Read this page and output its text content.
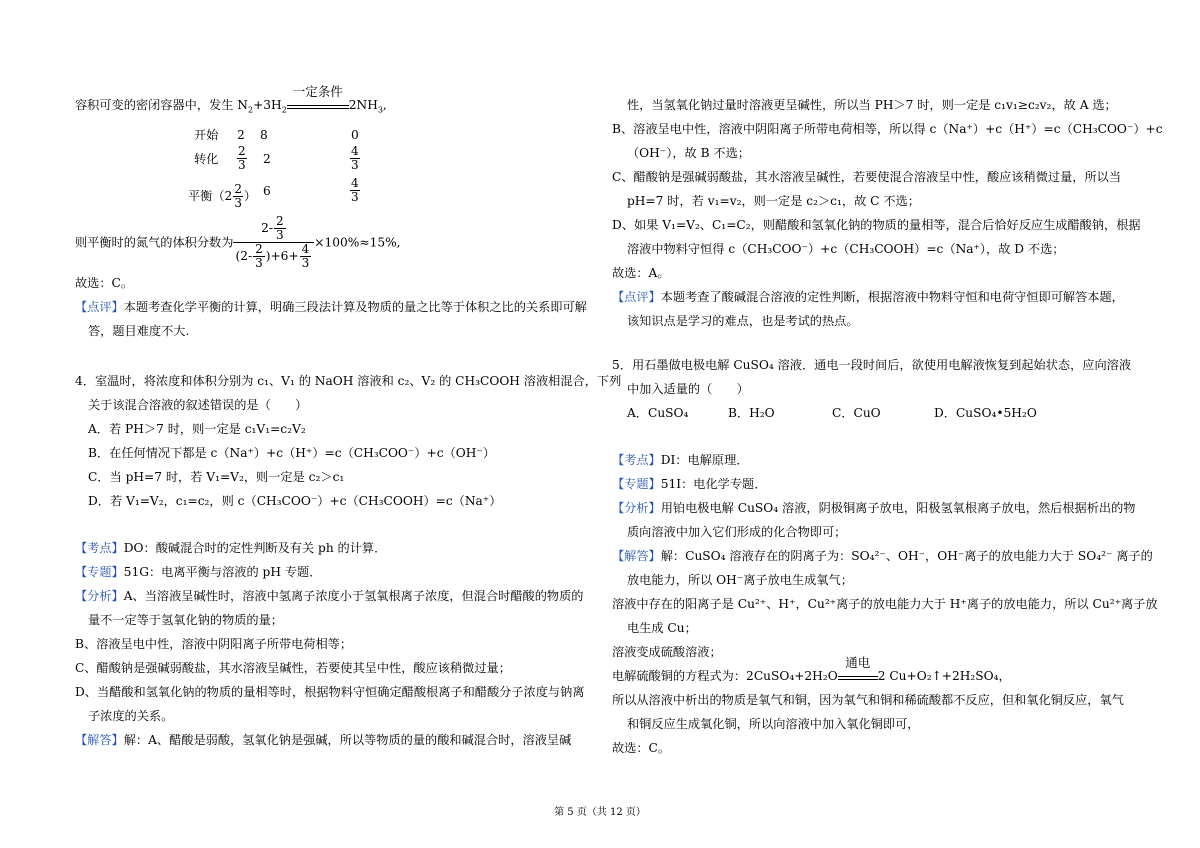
容积可变的密闭容器中，发生 $N_2+3H_2$
一定条件
$2NH_3$,
开始 2 8	0
转化 $\frac{2}{3} 2$	$\frac{4}{3}$
平衡（$2 \frac{2}{3}$ ） 6	$\frac{4}{3}$
则平衡时的氮气的体积分数为 $\frac{2- \frac{2}{3}}{(2- \frac{2}{3} )+6+ \frac{4}{3}} \times 100\%\approx 15\%$,
故选：C。
【点评】本题考查化学平衡的计算，明确三段法计算及物质的量之比等于体积之比的关系即可解
答，题目难度不大.
4．室温时，将浓度和体积分别为 c₁、V₁ 的 NaOH 溶液和 c₂、V₂ 的 CH₃COOH 溶液相混合，下列
关于该混合溶液的叙述错误的是（　　）
A．若 PH＞7 时，则一定是 c₁V₁=c₂V₂
B．在任何情况下都是 c（Na⁺）+c（H⁺）=c（CH₃COO⁻）+c（OH⁻）
C．当 pH=7 时，若 V₁=V₂，则一定是 c₂＞c₁
D．若 V₁=V₂，c₁=c₂，则 c（CH₃COO⁻）+c（CH₃COOH）=c（Na⁺）
【考点】DO：酸碱混合时的定性判断及有关 ph 的计算．
【专题】51G：电离平衡与溶液的 pH 专题．
【分析】A、当溶液呈碱性时，溶液中氢离子浓度小于氢氧根离子浓度，但混合时醋酸的物质的
量不一定等于氢氧化钠的物质的量；
B、溶液呈电中性，溶液中阴阳离子所带电荷相等；
C、醋酸钠是强碱弱酸盐，其水溶液呈碱性，若要使其呈中性，酸应该稍微过量；
D、当醋酸和氢氧化钠的物质的量相等时，根据物料守恒确定醋酸根离子和醋酸分子浓度与钠离
子浓度的关系。
【解答】解：A、醋酸是弱酸，氢氧化钠是强碱，所以等物质的量的酸和碱混合时，溶液呈碱
性，当氢氧化钠过量时溶液更呈碱性，所以当 PH＞7 时，则一定是 c₁v₁≥c₂v₂，故 A 选；
B、溶液呈电中性，溶液中阴阳离子所带电荷相等，所以得 c（Na⁺）+c（H⁺）=c（CH₃COO⁻）+c
（OH⁻），故 B 不选；
C、醋酸钠是强碱弱酸盐，其水溶液呈碱性，若要使混合溶液呈中性，酸应该稍微过量，所以当
pH=7 时，若 v₁=v₂，则一定是 c₂＞c₁，故 C 不选；
D、如果 V₁=V₂、C₁=C₂，则醋酸和氢氧化钠的物质的量相等，混合后恰好反应生成醋酸钠，根据
溶液中物料守恒得 c（CH₃COO⁻）+c（CH₃COOH）=c（Na⁺），故 D 不选；
故选：A。
【点评】本题考查了酸碱混合溶液的定性判断，根据溶液中物料守恒和电荷守恒即可解答本题，
该知识点是学习的难点，也是考试的热点。
5．用石墨做电极电解 CuSO₄ 溶液．通电一段时间后，欲使用电解液恢复到起始状态，应向溶液
中加入适量的（　　）
A．CuSO₄	B．H₂O	C．CuO	D．CuSO₄•5H₂O
【考点】DI：电解原理．
【专题】51I：电化学专题．
【分析】用铂电极电解 CuSO₄ 溶液，阴极铜离子放电，阳极氢氧根离子放电，然后根据析出的物
质向溶液中加入它们形成的化合物即可；
【解答】解：CuSO₄ 溶液存在的阴离子为：SO₄²⁻、OH⁻，OH⁻离子的放电能力大于 SO₄²⁻ 离子的
放电能力，所以 OH⁻离子放电生成氧气；
溶液中存在的阳离子是 Cu²⁺、H⁺，Cu²⁺离子的放电能力大于 H⁺离子的放电能力，所以 Cu²⁺离子放
电生成 Cu；
溶液变成硫酸溶液；
电解硫酸铜的方程式为：2CuSO₄+2H₂O
通电
2 Cu+O₂↑+2H₂SO₄，
所以从溶液中析出的物质是氧气和铜，因为氧气和铜和稀硫酸都不反应，但和氧化铜反应，氧气
和铜反应生成氧化铜，所以向溶液中加入氧化铜即可，
故选：C。
第 5 页（共 12 页）
